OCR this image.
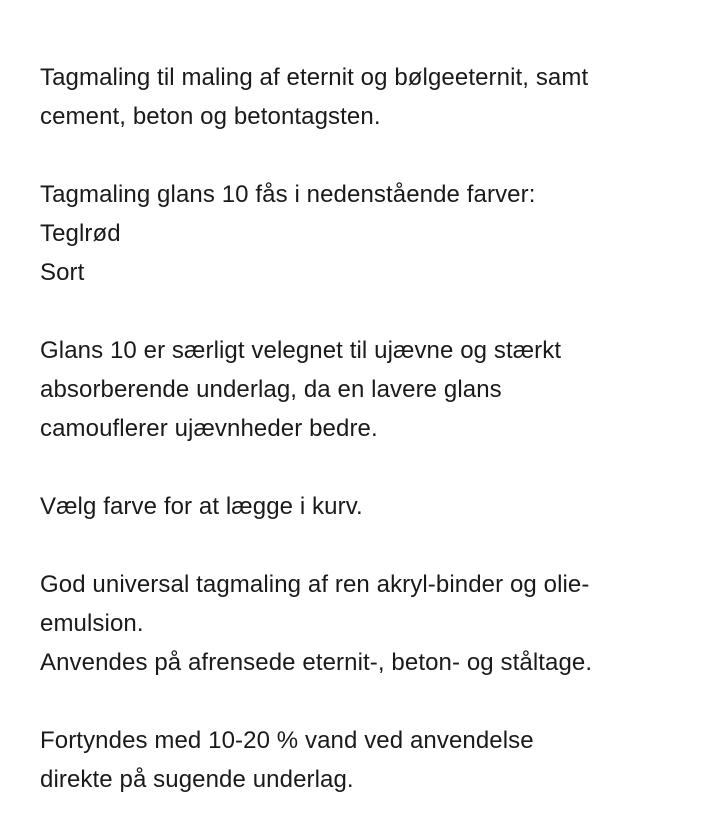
Tagmaling til maling af eternit og bølgeeternit, samt
cement, beton og betontagsten.

Tagmaling glans 10 fås i nedenstående farver:
Teglrød
Sort

Glans 10 er særligt velegnet til ujævne og stærkt
absorberende underlag, da en lavere glans
camouflerer ujævnheder bedre.

Vælg farve for at lægge i kurv.

God universal tagmaling af ren akryl-binder og olie-
emulsion.
Anvendes på afrensede eternit-, beton- og ståltage.

Fortyndes med 10-20 % vand ved anvendelse
direkte på sugende underlag.
